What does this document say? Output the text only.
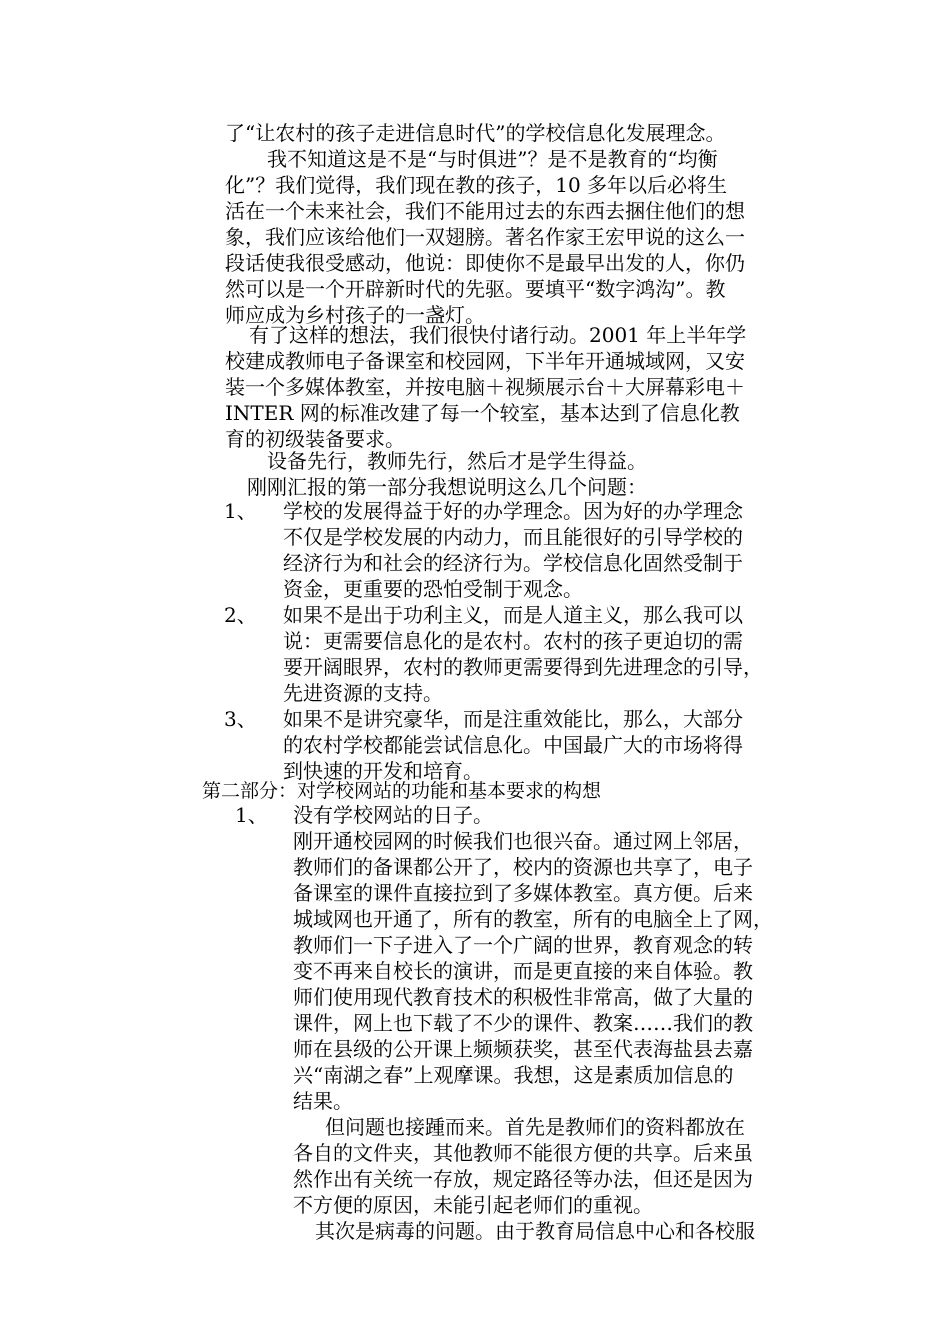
了“让农村的孩子走进信息时代”的学校信息化发展理念。
我不知道这是不是“与时俱进”？是不是教育的“均衡
化”？我们觉得，我们现在教的孩子，10 多年以后必将生
活在一个未来社会，我们不能用过去的东西去捆住他们的想
象，我们应该给他们一双翅膀。著名作家王宏甲说的这么一
段话使我很受感动，他说：即使你不是最早出发的人，你仍
然可以是一个开辟新时代的先驱。要填平“数字鸿沟”。教
师应成为乡村孩子的一盏灯。
有了这样的想法，我们很快付诸行动。2001 年上半年学
校建成教师电子备课室和校园网，下半年开通城域网，又安
装一个多媒体教室，并按电脑＋视频展示台＋大屏幕彩电＋
INTER 网的标准改建了每一个较室，基本达到了信息化教
育的初级装备要求。
设备先行，教师先行，然后才是学生得益。
刚刚汇报的第一部分我想说明这么几个问题：
1、 学校的发展得益于好的办学理念。因为好的办学理念
不仅是学校发展的内动力，而且能很好的引导学校的
经济行为和社会的经济行为。学校信息化固然受制于
资金，更重要的恐怕受制于观念。
2、 如果不是出于功利主义，而是人道主义，那么我可以
说：更需要信息化的是农村。农村的孩子更迫切的需
要开阔眼界，农村的教师更需要得到先进理念的引导，
先进资源的支持。
3、 如果不是讲究豪华，而是注重效能比，那么，大部分
的农村学校都能尝试信息化。中国最广大的市场将得
到快速的开发和培育。
第二部分：对学校网站的功能和基本要求的构想
1、 没有学校网站的日子。
刚开通校园网的时候我们也很兴奋。通过网上邻居，
教师们的备课都公开了，校内的资源也共享了，电子
备课室的课件直接拉到了多媒体教室。真方便。后来
城域网也开通了，所有的教室，所有的电脑全上了网，
教师们一下子进入了一个广阔的世界，教育观念的转
变不再来自校长的演讲，而是更直接的来自体验。教
师们使用现代教育技术的积极性非常高，做了大量的
课件，网上也下载了不少的课件、教案……我们的教
师在县级的公开课上频频获奖，甚至代表海盐县去嘉
兴“南湖之春”上观摩课。我想，这是素质加信息的
结果。
但问题也接踵而来。首先是教师们的资料都放在
各自的文件夹，其他教师不能很方便的共享。后来虽
然作出有关统一存放，规定路径等办法，但还是因为
不方便的原因，未能引起老师们的重视。
其次是病毒的问题。由于教育局信息中心和各校服
